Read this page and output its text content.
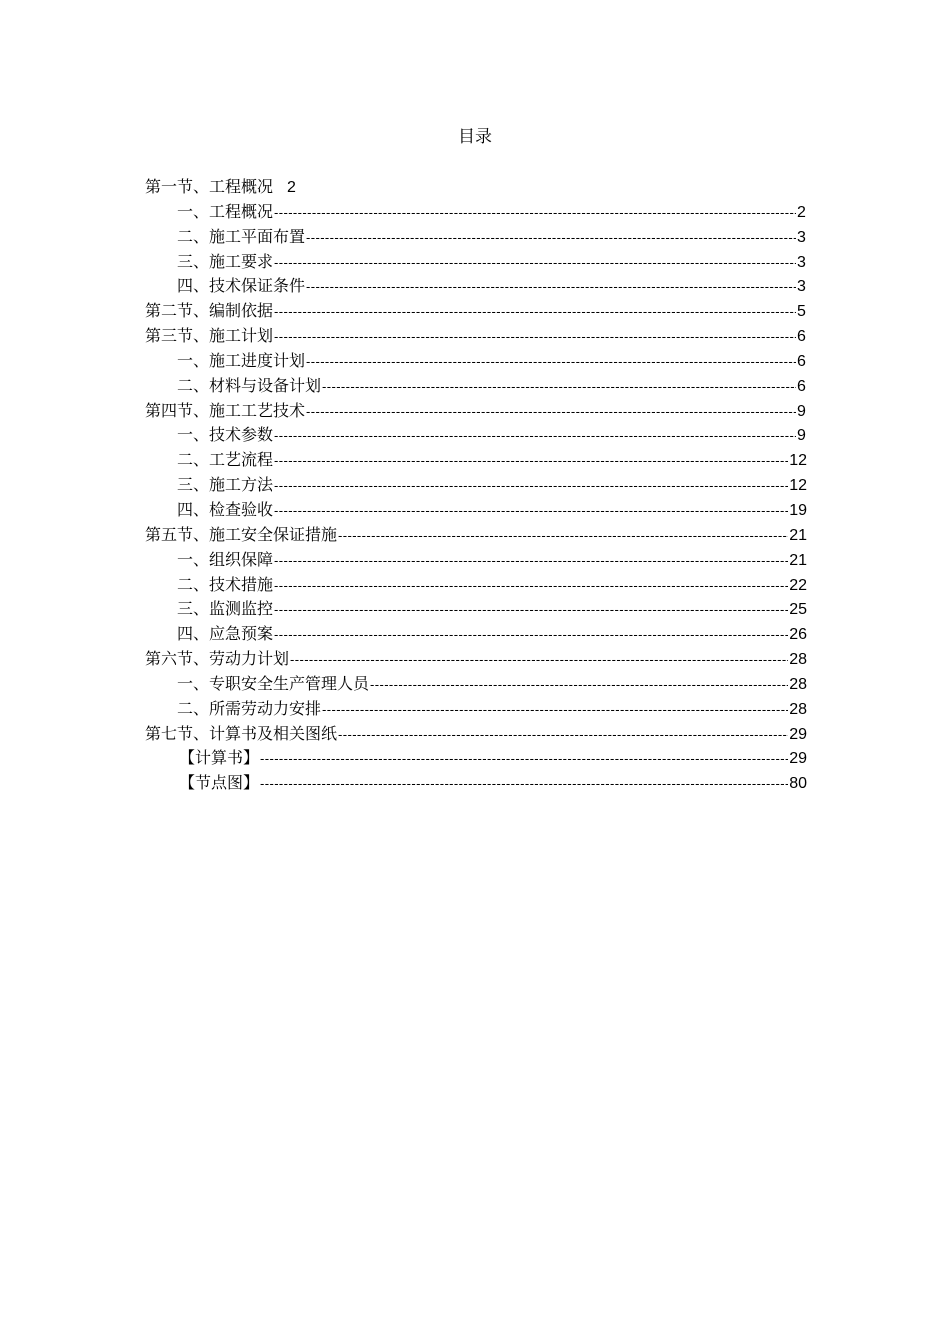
目录
第一节、工程概况 2
一、工程概况 -----	2
二、施工平面布置 -----	3
三、施工要求 -----	3
四、技术保证条件 -----	3
第二节、编制依据 -----	5
第三节、施工计划 -----	6
一、施工进度计划 -----	6
二、材料与设备计划 -----	6
第四节、施工工艺技术 -----	9
一、技术参数 -----	9
二、工艺流程 -----	12
三、施工方法 -----	12
四、检查验收 -----	19
第五节、施工安全保证措施 -----	21
一、组织保障 -----	21
二、技术措施 -----	22
三、监测监控 -----	25
四、应急预案 -----	26
第六节、劳动力计划 -----	28
一、专职安全生产管理人员 -----	28
二、所需劳动力安排 -----	28
第七节、计算书及相关图纸 -----	29
【计算书】 -----	29
【节点图】 -----	80
